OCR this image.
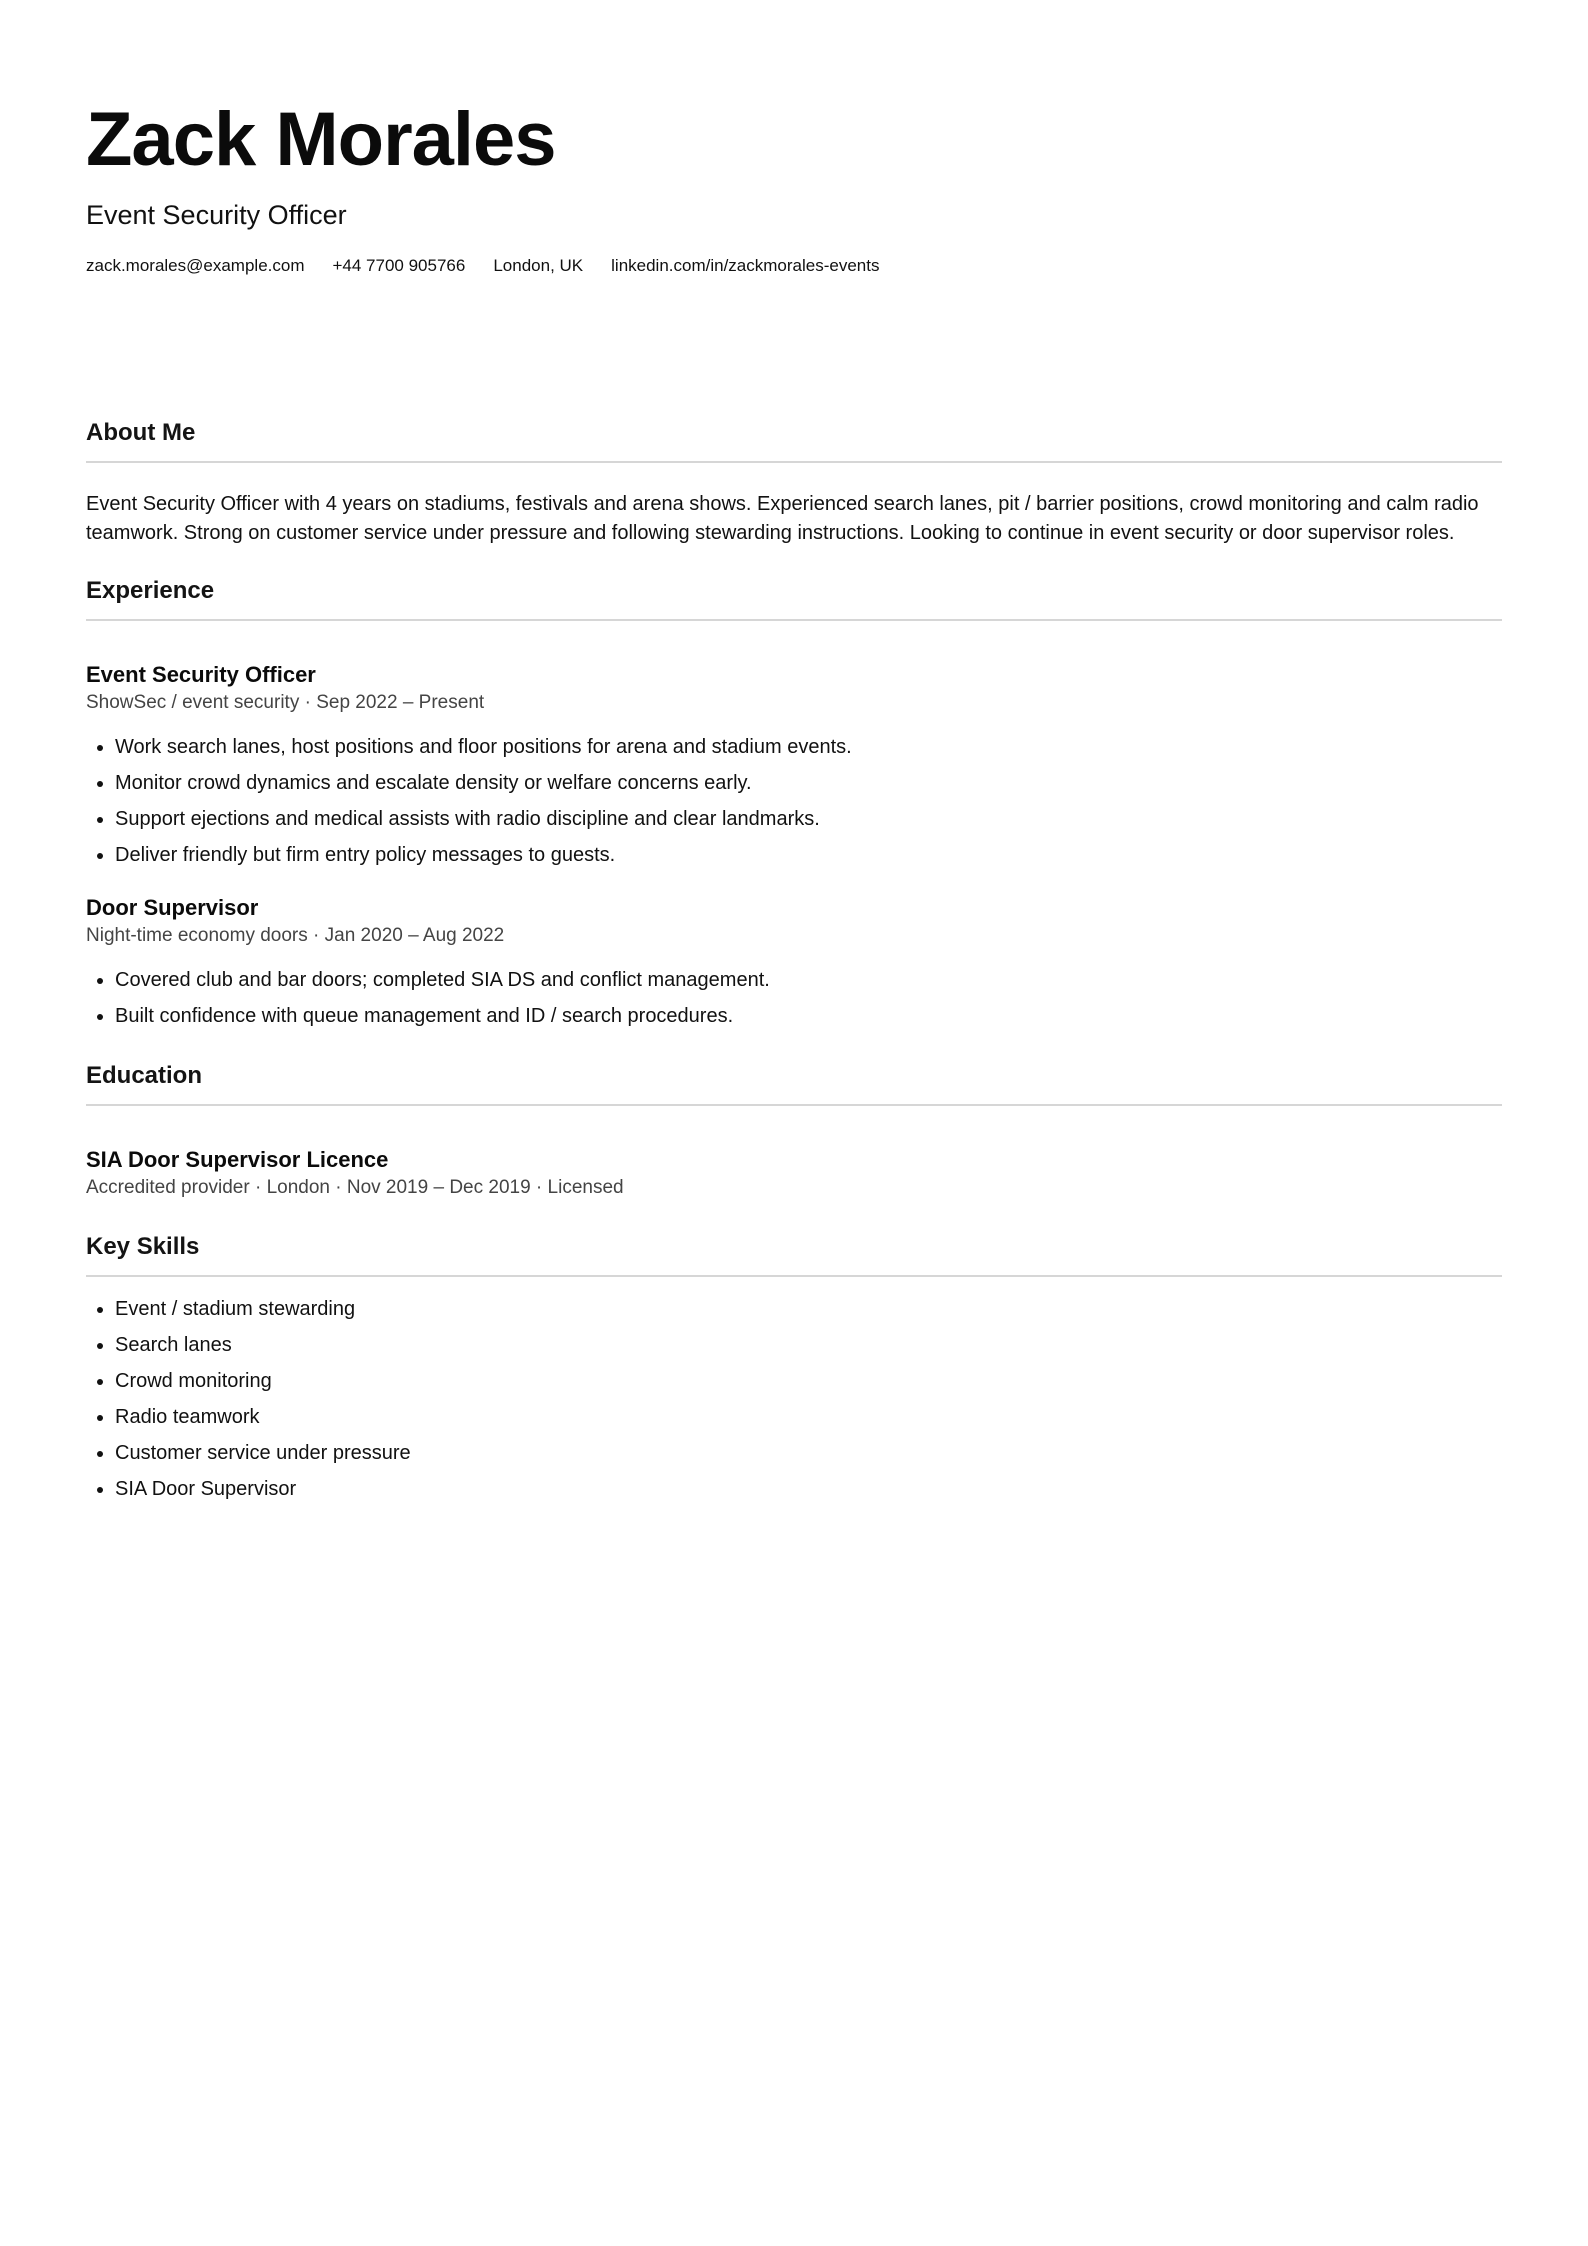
Zack Morales
Event Security Officer
zack.morales@example.com +44 7700 905766 London, UK linkedin.com/in/zackmorales-events
About Me

Event Security Officer with 4 years on stadiums, festivals and arena shows. Experienced search lanes, pit / barrier positions, crowd monitoring and calm radio teamwork. Strong on customer service under pressure and following stewarding instructions. Looking to continue in event security or door supervisor roles.

Experience
Event Security Officer
ShowSec / event security · Sep 2022 – Present
• Work search lanes, host positions and floor positions for arena and stadium events.
• Monitor crowd dynamics and escalate density or welfare concerns early.
• Support ejections and medical assists with radio discipline and clear landmarks.
• Deliver friendly but firm entry policy messages to guests.
Door Supervisor
Night-time economy doors · Jan 2020 – Aug 2022
• Covered club and bar doors; completed SIA DS and conflict management.
• Built confidence with queue management and ID / search procedures.
Education
SIA Door Supervisor Licence
Accredited provider · London · Nov 2019 – Dec 2019 · Licensed
Key Skills
• Event / stadium stewarding
• Search lanes
• Crowd monitoring
• Radio teamwork
• Customer service under pressure
• SIA Door Supervisor
